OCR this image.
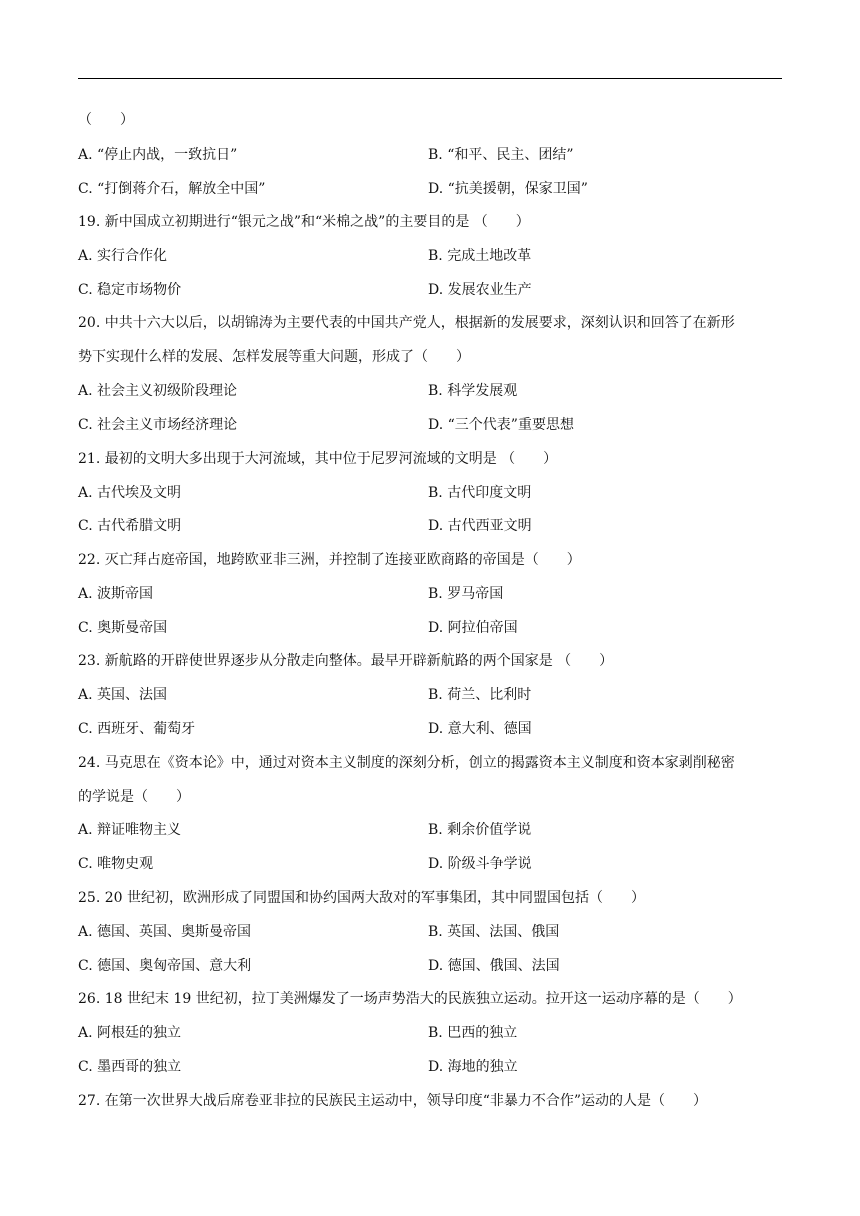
（　　）
A. “停止内战，一致抗日”	B. “和平、民主、团结”
C. “打倒蒋介石，解放全中国”	D. “抗美援朝，保家卫国”
19. 新中国成立初期进行“银元之战”和“米棉之战”的主要目的是 （　　）
A. 实行合作化	B. 完成土地改革
C. 稳定市场物价	D. 发展农业生产
20. 中共十六大以后，以胡锦涛为主要代表的中国共产党人，根据新的发展要求，深刻认识和回答了在新形
势下实现什么样的发展、怎样发展等重大问题，形成了（　　）
A. 社会主义初级阶段理论	B. 科学发展观
C. 社会主义市场经济理论	D. “三个代表”重要思想
21. 最初的文明大多出现于大河流域，其中位于尼罗河流域的文明是 （　　）
A. 古代埃及文明	B. 古代印度文明
C. 古代希腊文明	D. 古代西亚文明
22. 灭亡拜占庭帝国，地跨欧亚非三洲，并控制了连接亚欧商路的帝国是（　　）
A. 波斯帝国	B. 罗马帝国
C. 奥斯曼帝国	D. 阿拉伯帝国
23. 新航路的开辟使世界逐步从分散走向整体。最早开辟新航路的两个国家是 （　　）
A. 英国、法国	B. 荷兰、比利时
C. 西班牙、葡萄牙	D. 意大利、德国
24. 马克思在《资本论》中，通过对资本主义制度的深刻分析，创立的揭露资本主义制度和资本家剥削秘密
的学说是（　　）
A. 辩证唯物主义	B. 剩余价值学说
C. 唯物史观	D. 阶级斗争学说
25. 20 世纪初，欧洲形成了同盟国和协约国两大敌对的军事集团，其中同盟国包括（　　）
A. 德国、英国、奥斯曼帝国	B. 英国、法国、俄国
C. 德国、奥匈帝国、意大利	D. 德国、俄国、法国
26. 18 世纪末 19 世纪初，拉丁美洲爆发了一场声势浩大的民族独立运动。拉开这一运动序幕的是（　　）
A. 阿根廷的独立	B. 巴西的独立
C. 墨西哥的独立	D. 海地的独立
27. 在第一次世界大战后席卷亚非拉的民族民主运动中，领导印度“非暴力不合作”运动的人是（　　）
